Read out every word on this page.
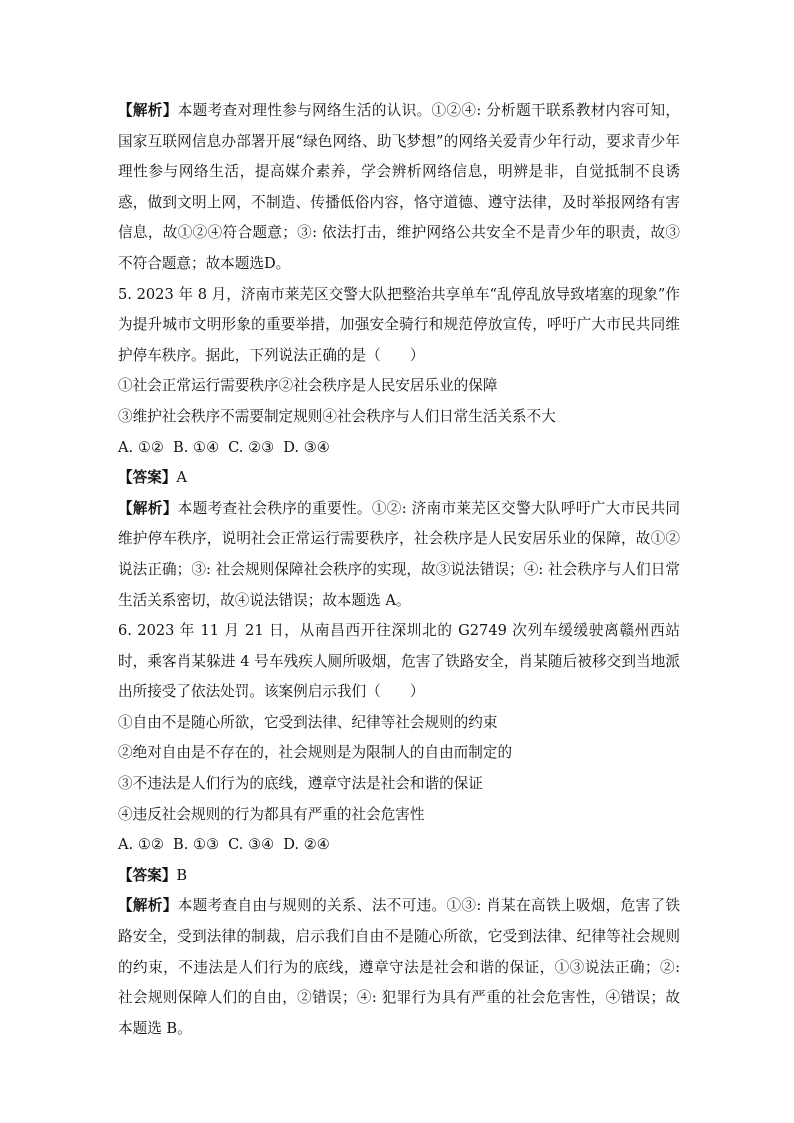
【解析】本题考查对理性参与网络生活的认识。①②④: 分析题干联系教材内容可知，国家互联网信息办部署开展“绿色网络、助飞梦想”的网络关爱青少年行动，要求青少年理性参与网络生活，提高媒介素养，学会辨析网络信息，明辨是非，自觉抵制不良诱惑，做到文明上网，不制造、传播低俗内容，恪守道德、遵守法律，及时举报网络有害信息，故①②④符合题意；③: 依法打击，维护网络公共安全不是青少年的职责，故③不符合题意；故本题选D。

5. 2023 年 8 月，济南市莱芜区交警大队把整治共享单车“乱停乱放导致堵塞的现象”作为提升城市文明形象的重要举措，加强安全骑行和规范停放宣传，呼吁广大市民共同维护停车秩序。据此，下列说法正确的是（　　）

①社会正常运行需要秩序②社会秩序是人民安居乐业的保障

③维护社会秩序不需要制定规则④社会秩序与人们日常生活关系不大

A. ①② B. ①④ C. ②③ D. ③④

【答案】A

【解析】本题考查社会秩序的重要性。①②: 济南市莱芜区交警大队呼吁广大市民共同维护停车秩序，说明社会正常运行需要秩序，社会秩序是人民安居乐业的保障，故①②说法正确；③: 社会规则保障社会秩序的实现，故③说法错误；④: 社会秩序与人们日常生活关系密切，故④说法错误；故本题选 A。

6. 2023 年 11 月 21 日，从南昌西开往深圳北的 G2749 次列车缓缓驶离赣州西站时，乘客肖某躲进 4 号车残疾人厕所吸烟，危害了铁路安全，肖某随后被移交到当地派出所接受了依法处罚。该案例启示我们（　　）

①自由不是随心所欲，它受到法律、纪律等社会规则的约束

②绝对自由是不存在的，社会规则是为限制人的自由而制定的

③不违法是人们行为的底线，遵章守法是社会和谐的保证

④违反社会规则的行为都具有严重的社会危害性

A. ①② B. ①③ C. ③④ D. ②④

【答案】B

【解析】本题考查自由与规则的关系、法不可违。①③: 肖某在高铁上吸烟，危害了铁路安全，受到法律的制裁，启示我们自由不是随心所欲，它受到法律、纪律等社会规则的约束，不违法是人们行为的底线，遵章守法是社会和谐的保证，①③说法正确；②: 社会规则保障人们的自由，②错误；④: 犯罪行为具有严重的社会危害性，④错误；故本题选 B。
